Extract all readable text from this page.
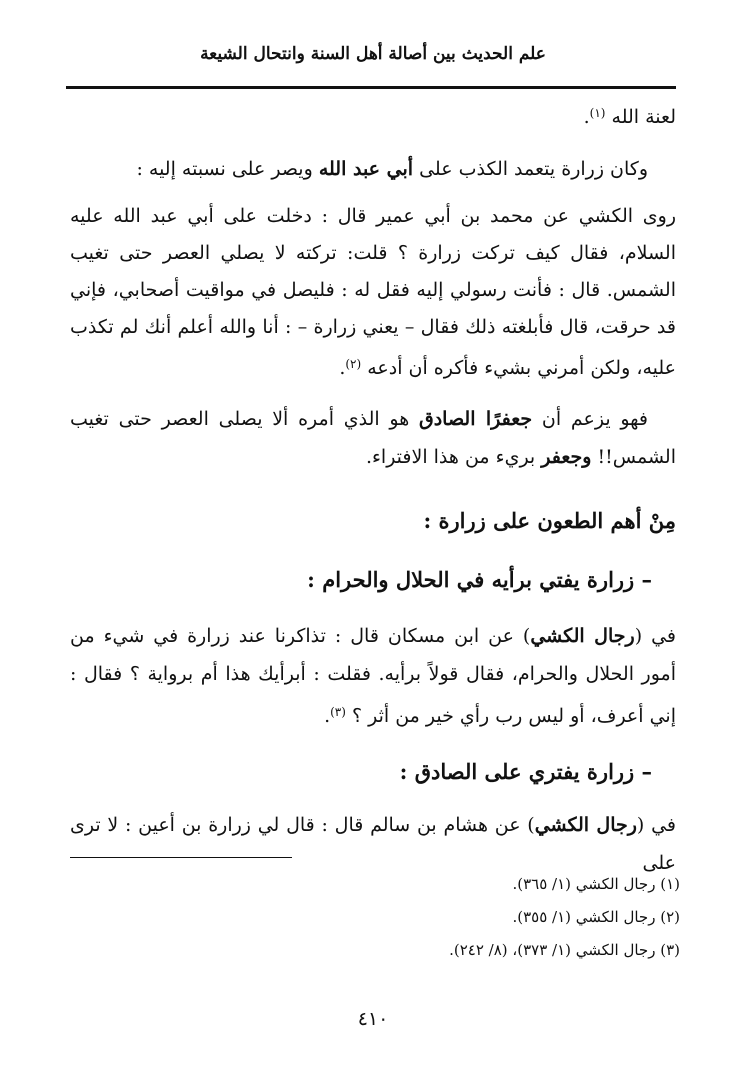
علم الحديث بين أصالة أهل السنة وانتحال الشيعة
لعنة الله $^{(١)}$.
وكان زرارة يتعمد الكذب على أبي عبد الله ويصر على نسبته إليه :
روى الكشي عن محمد بن أبي عمير قال : دخلت على أبي عبد الله عليه السلام، فقال كيف تركت زرارة ؟ قلت: تركته لا يصلي العصر حتى تغيب الشمس. قال : فأنت رسولي إليه فقل له : فليصل في مواقيت أصحابي، فإني قد حرقت، قال فأبلغته ذلك فقال – يعني زرارة – : أنا والله أعلم أنك لم تكذب عليه، ولكن أمرني بشيء فأكره أن أدعه $^{(٢)}$.
فهو يزعم أن جعفرًا الصادق هو الذي أمره ألا يصلى العصر حتى تغيب الشمس!! وجعفر بريء من هذا الافتراء.
مِنْ أهم الطعون على زرارة :
– زرارة يفتي برأيه في الحلال والحرام :
في (رجال الكشي) عن ابن مسكان قال : تذاكرنا عند زرارة في شيء من أمور الحلال والحرام، فقال قولاً برأيه. فقلت : أبرأيك هذا أم برواية ؟ فقال : إني أعرف، أو ليس رب رأي خير من أثر ؟ $^{(٣)}$.
– زرارة يفتري على الصادق :
في (رجال الكشي) عن هشام بن سالم قال : قال لي زرارة بن أعين : لا ترى على
(١) رجال الكشي (١/ ٣٦٥).
(٢) رجال الكشي (١/ ٣٥٥).
(٣) رجال الكشي (١/ ٣٧٣)، (٨/ ٢٤٢).
٤١٠
